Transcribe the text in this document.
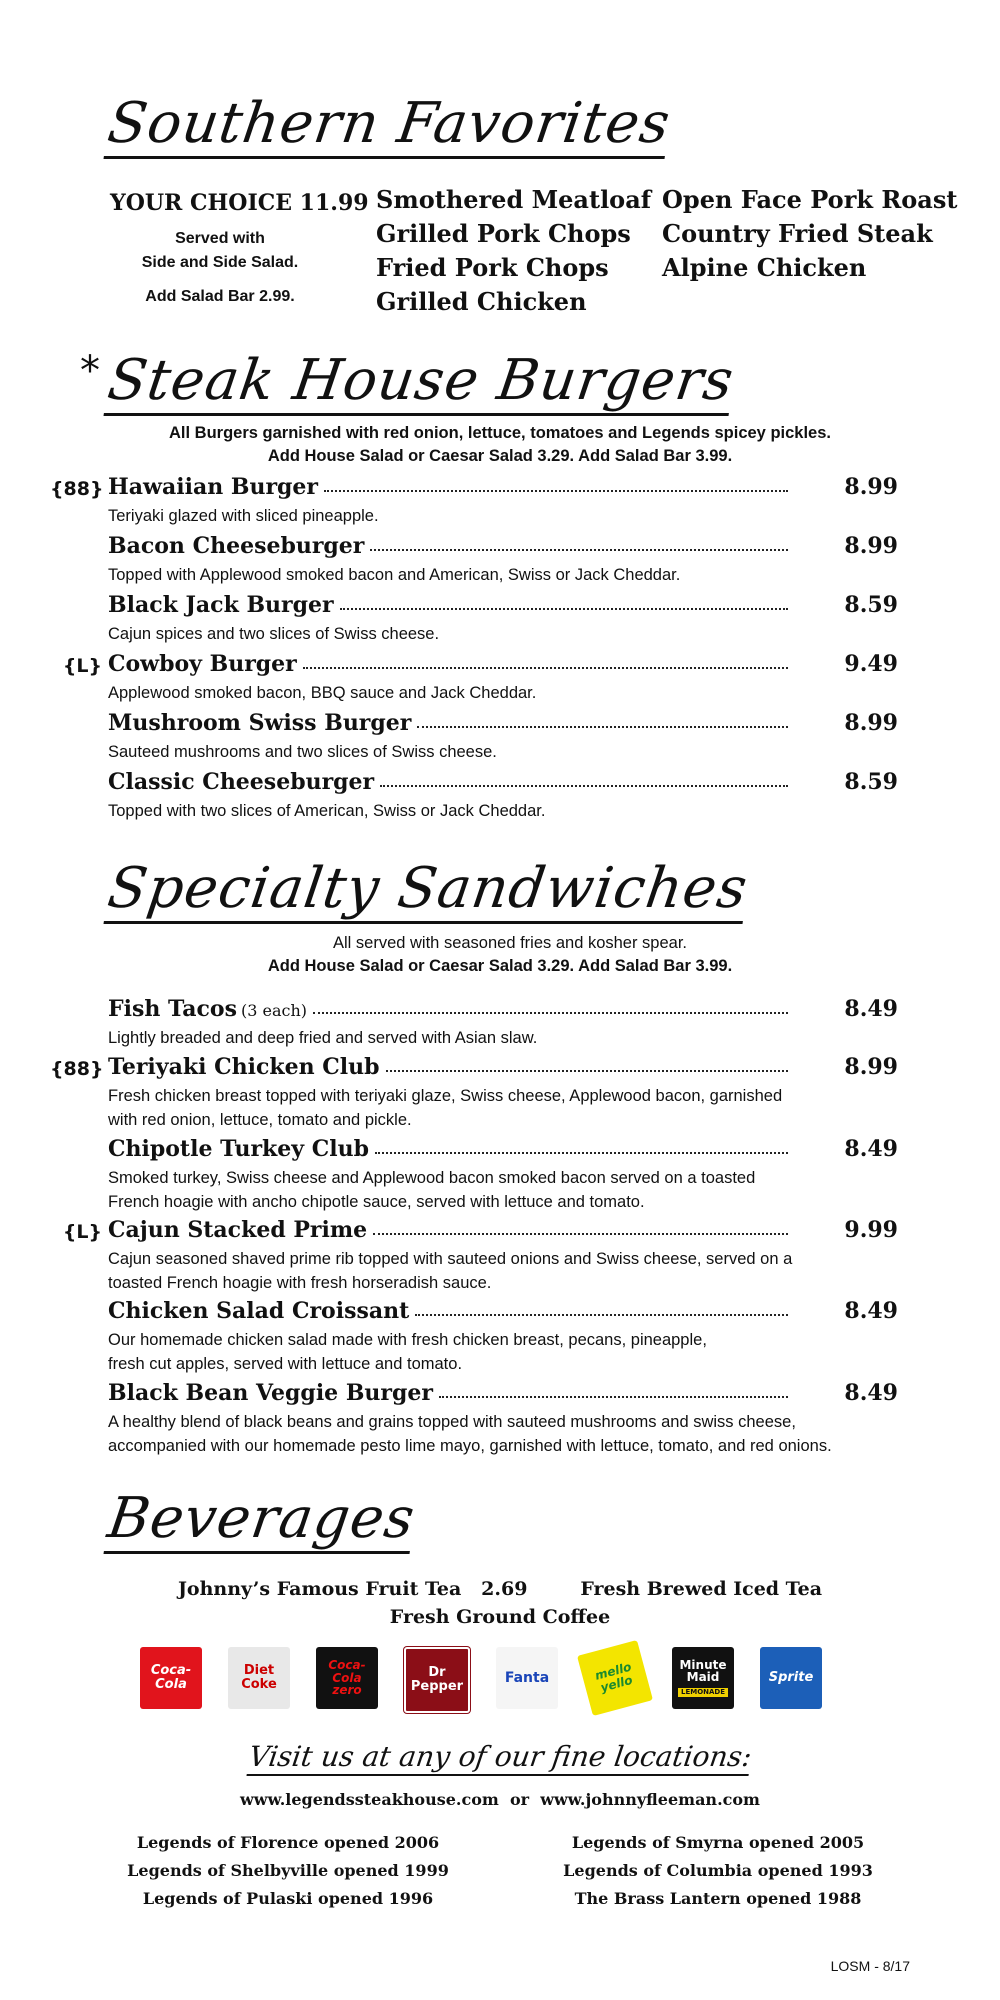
Southern Favorites
YOUR CHOICE 11.99
Served with
Side and Side Salad.
Add Salad Bar 2.99.
Smothered Meatloaf
Grilled Pork Chops
Fried Pork Chops
Grilled Chicken
Open Face Pork Roast
Country Fried Steak
Alpine Chicken
* Steak House Burgers
All Burgers garnished with red onion, lettuce, tomatoes and Legends spicey pickles.
Add House Salad or Caesar Salad 3.29. Add Salad Bar 3.99.
{88} Hawaiian Burger	8.99
Teriyaki glazed with sliced pineapple.
Bacon Cheeseburger	8.99
Topped with Applewood smoked bacon and American, Swiss or Jack Cheddar.
Black Jack Burger	8.59
Cajun spices and two slices of Swiss cheese.
{L} Cowboy Burger	9.49
Applewood smoked bacon, BBQ sauce and Jack Cheddar.
Mushroom Swiss Burger	8.99
Sauteed mushrooms and two slices of Swiss cheese.
Classic Cheeseburger	8.59
Topped with two slices of American, Swiss or Jack Cheddar.
Specialty Sandwiches
All served with seasoned fries and kosher spear.
Add House Salad or Caesar Salad 3.29. Add Salad Bar 3.99.
Fish Tacos (3 each)	8.49
Lightly breaded and deep fried and served with Asian slaw.
{88} Teriyaki Chicken Club	8.99
Fresh chicken breast topped with teriyaki glaze, Swiss cheese, Applewood bacon, garnished
with red onion, lettuce, tomato and pickle.
Chipotle Turkey Club	8.49
Smoked turkey, Swiss cheese and Applewood bacon smoked bacon served on a toasted
French hoagie with ancho chipotle sauce, served with lettuce and tomato.
{L} Cajun Stacked Prime	9.99
Cajun seasoned shaved prime rib topped with sauteed onions and Swiss cheese, served on a
toasted French hoagie with fresh horseradish sauce.
Chicken Salad Croissant	8.49
Our homemade chicken salad made with fresh chicken breast, pecans, pineapple,
fresh cut apples, served with lettuce and tomato.
Black Bean Veggie Burger	8.49
A healthy blend of black beans and grains topped with sauteed mushrooms and swiss cheese,
accompanied with our homemade pesto lime mayo, garnished with lettuce, tomato, and red onions.
Beverages
Johnny’s Famous Fruit Tea   2.69        Fresh Brewed Iced Tea
Fresh Ground Coffee
Coca-Cola
Diet Coke
Coca-Cola zero
Dr Pepper
Fanta	mello yello
Minute Maid
LEMONADE
Sprite
Visit us at any of our fine locations:
www.legendssteakhouse.com  or  www.johnnyfleeman.com
Legends of Florence opened 2006
Legends of Shelbyville opened 1999
Legends of Pulaski opened 1996
Legends of Smyrna opened 2005
Legends of Columbia opened 1993
The Brass Lantern opened 1988
LOSM - 8/17
